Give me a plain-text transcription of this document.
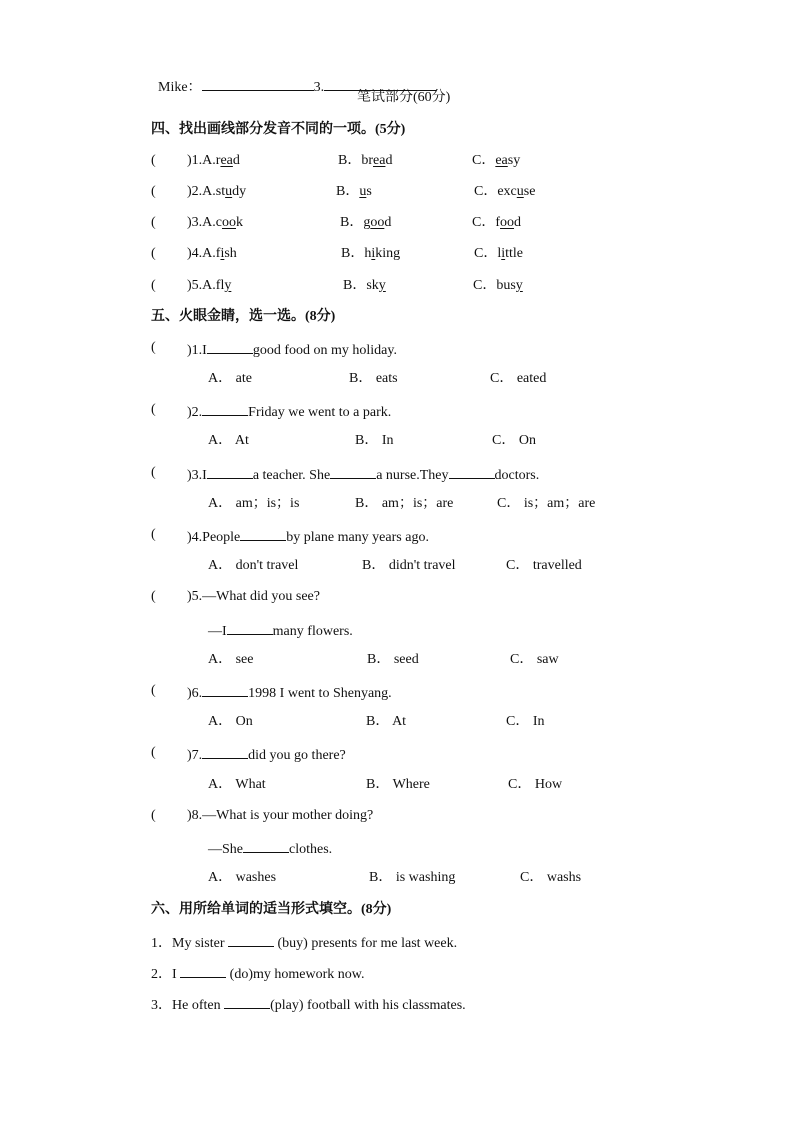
Mike：	3.

笔试部分(60分)
四、找出画线部分发音不同的一项。(5分)
( )1.A.read	B．bread	C．easy
( )2.A.study	B．us	C．excuse
( )3.A.cook	B．good	C．food
( )4.A.fish	B．hiking	C．little
( )5.A.fly	B．sky	C．busy
五、火眼金睛，选一选。(8分)
( )1.I	good food on my holiday.
A． ate	B． eats	C． eated
( )2.	Friday we went to a park.
A． At	B． In	C． On
( )3.I	a teacher. She	a nurse.They	doctors.
A． am；is；is	B． am；is；are	C． is；am；are
( )4.People	by plane many years ago.
A． don't travel	B． didn't travel	C． travelled
( )5.—What did you see?
—I	many flowers.
A． see	B． seed	C． saw
( )6.	1998 I went to Shenyang.
A． On	B． At	C． In
( )7.	did you go there?
A． What	B． Where	C． How
( )8.—What is your mother doing?
—She	clothes.
A． washes	B． is washing	C． washs
六、用所给单词的适当形式填空。(8分)
1．My sister	(buy) presents for me last week.
2．I	(do)my homework now.
3．He often	(play) football with his classmates.
